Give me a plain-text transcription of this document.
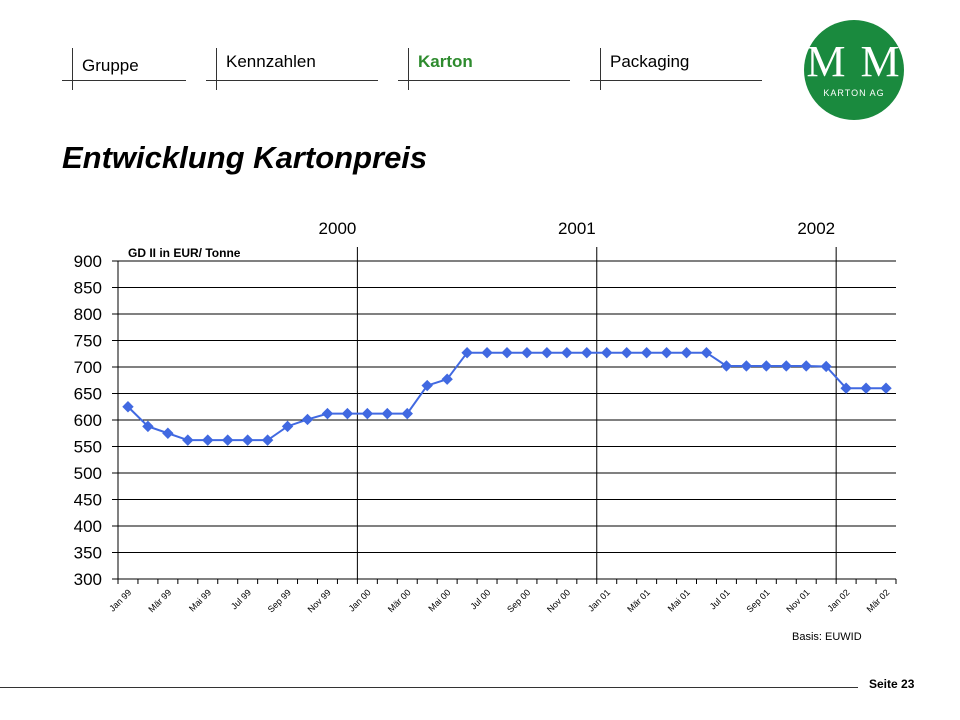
Gruppe	Kennzahlen	Karton	Packaging	M M
KARTON AG
Entwicklung Kartonpreis
900
850
800
750
700
650
600
550
500
450
400
350
300
2000	2001	2002
Jan 99 Mär 99 Mai 99 Jul 99 Sep 99 Nov 99 Jan 00 Mär 00 Mai 00 Jul 00 Sep 00 Nov 00 Jan 01 Mär 01 Mai 01 Jul 01 Sep 01 Nov 01 Jan 02 Mär 02
GD II in EUR/ Tonne
Basis: EUWID
Seite 23
